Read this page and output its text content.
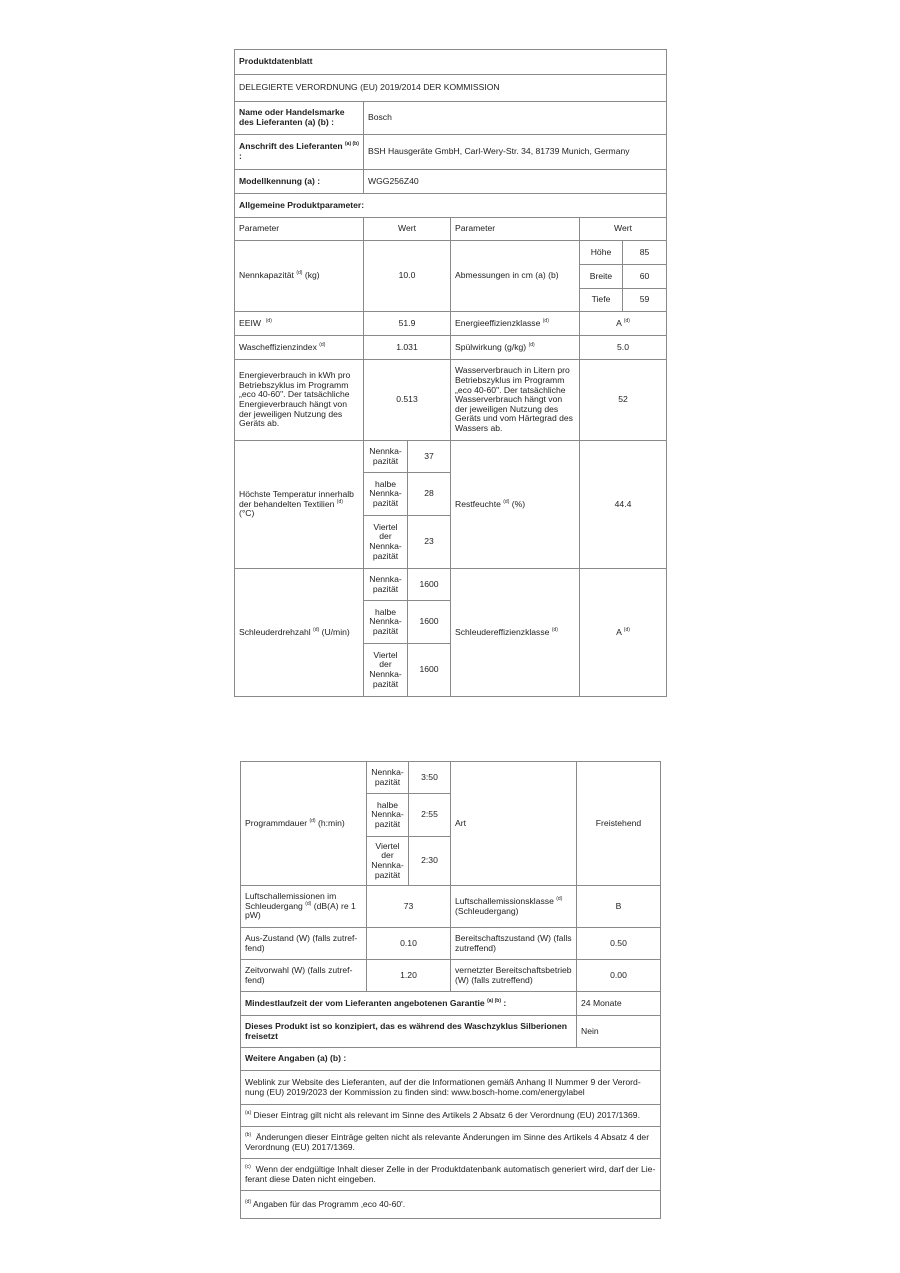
Produktdatenblatt					
DELEGIERTE VERORDNUNG (EU) 2019/2014 DER KOMMISSION					
Name oder Handelsmarke des Lieferanten (a) (b) :	Bosch				
Anschrift des Lieferanten $^{(a) (b)}$ :	BSH Hausgeräte GmbH, Carl-Wery-Str. 34, 81739 Munich, Germany				
Modellkennung (a) :	WGG256Z40				
Allgemeine Produktparameter:					
Parameter	Wert		Parameter	Wert	
Nennkapazität $^{(d)}$ (kg)	10.0		Abmessungen in cm (a) (b)	Höhe	85
				Breite	60
				Tiefe	59
EEIW $^{(d)}$	51.9		Energieeffizienzklasse $^{(d)}$	A $^{(d)}$
Wascheffizienzindex $^{(d)}$	1.031		Spülwirkung (g/kg) $^{(d)}$	5.0	
Energieverbrauch in kWh pro Betriebszyklus im Programm „eco 40-60". Der tatsächliche Energieverbrauch hängt von der jeweiligen Nutzung des Geräts ab.	0.513		Wasserverbrauch in Litern pro Betriebszyklus im Programm „eco 40-60". Der tatsächliche Wasserverbrauch hängt von der jeweiligen Nutzung des Geräts und vom Härtegrad des Wassers ab.	52	
Höchste Temperatur innerhalb der behandelten Textilien $^{(d)}$ (°C)	Nennka-pazität	37	Restfeuchte $^{(d)}$ (%)	44.4	
	halbe Nennka-pazität	28			
	Viertel der Nennka-pazität	23			
Schleuderdrehzahl $^{(d)}$ (U/min)	Nennka-pazität	1600	Schleudereffizienzklasse $^{(d)}$	A $^{(d)}$
	halbe Nennka-pazität	1600			
	Viertel der Nennka-pazität	1600			
Programmdauer $^{(d)}$ (h:min)	Nennka-pazität	3:50	Art	Freistehend
	halbe Nennka-pazität	2:55		
	Viertel der Nennka-pazität	2:30		
Luftschallemissionen im Schleudergang $^{(d)}$ (dB(A) re 1 pW)	73		Luftschallemissionsklasse $^{(d)}$ (Schleudergang)	B
Aus-Zustand (W) (falls zutref-fend)	0.10		Bereitschaftszustand (W) (falls zutreffend)	0.50
Zeitvorwahl (W) (falls zutref-fend)	1.20		vernetzter Bereitschaftsbetrieb (W) (falls zutreffend)	0.00
Mindestlaufzeit der vom Lieferanten angebotenen Garantie $^{(a) (b)}$ :				24 Monate
Dieses Produkt ist so konzipiert, das es während des Waschzyklus Silberionen freisetzt				Nein
Weitere Angaben (a) (b) :				
Weblink zur Website des Lieferanten, auf der die Informationen gemäß Anhang II Nummer 9 der Verord-nung (EU) 2019/2023 der Kommission zu finden sind: www.bosch-home.com/energylabel				
$^{(a)}$ Dieser Eintrag gilt nicht als relevant im Sinne des Artikels 2 Absatz 6 der Verordnung (EU) 2017/1369.				
$^{(b)}$ Änderungen dieser Einträge gelten nicht als relevante Änderungen im Sinne des Artikels 4 Absatz 4 der Verordnung (EU) 2017/1369.				
$^{(c)}$ Wenn der endgültige Inhalt dieser Zelle in der Produktdatenbank automatisch generiert wird, darf der Lie-ferant diese Daten nicht eingeben.				
$^{(d)}$ Angaben für das Programm ‚eco 40-60'.				
